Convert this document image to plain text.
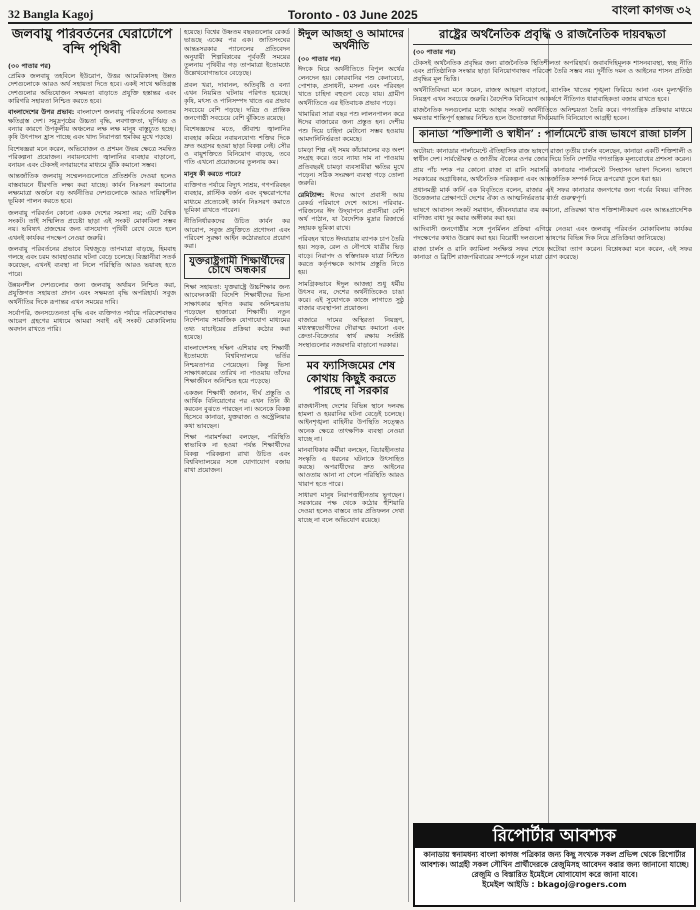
32 Bangla Kagoj	Toronto - 03 June 2025	বাংলা কাগজ ৩২
জলবায়ু পরিবর্তনের ঘেরাটোপে বন্দি পৃথিবী
(৩০ পাতার পর)

প্রেমিক জলবায়ু তহবিলে ইউরোপ, উত্তর আমেরিকাসহ উন্নত দেশগুলোকে আরও অর্থ সহায়তা দিতে হবে। একই সাথে ক্ষতিগ্রস্ত দেশগুলোর অভিযোজন সক্ষমতা বাড়াতে প্রযুক্তি হস্তান্তর এবং কারিগরি সহায়তা নিশ্চিত করতে হবে।

বাংলাদেশের উপর প্রভাব: বাংলাদেশ জলবায়ু পরিবর্তনের অন্যতম ক্ষতিগ্রস্ত দেশ। সমুদ্রপৃষ্ঠের উচ্চতা বৃদ্ধি, লবণাক্ততা, ঘূর্ণিঝড় ও বন্যার কারণে উপকূলীয় অঞ্চলের লক্ষ লক্ষ মানুষ বাস্তুচ্যুত হচ্ছে। কৃষি উৎপাদন হ্রাস পাচ্ছে এবং খাদ্য নিরাপত্তা হুমকির মুখে পড়ছে।

বিশেষজ্ঞরা মনে করেন, অভিযোজন ও প্রশমন উভয় ক্ষেত্রে সমন্বিত পরিকল্পনা প্রয়োজন। নবায়নযোগ্য জ্বালানির ব্যবহার বাড়ানো, বনায়ন এবং টেকসই নগরায়ণের মাধ্যমে ঝুঁকি কমানো সম্ভব।

আন্তর্জাতিক জলবায়ু সম্মেলনগুলোতে প্রতিশ্রুতি দেওয়া হলেও বাস্তবায়নে ধীরগতি লক্ষ্য করা যাচ্ছে। কার্বন নিঃসরণ কমানোর লক্ষ্যমাত্রা অর্জনে বড় অর্থনীতির দেশগুলোকে আরও দায়িত্বশীল ভূমিকা পালন করতে হবে।

জলবায়ু পরিবর্তন কোনো একক দেশের সমস্যা নয়; এটি বৈশ্বিক সংকট। তাই সম্মিলিত প্রচেষ্টা ছাড়া এই সংকট মোকাবিলা সম্ভব নয়। ভবিষ্যৎ প্রজন্মের জন্য বাসযোগ্য পৃথিবী রেখে যেতে হলে এখনই কার্যকর পদক্ষেপ নেওয়া জরুরি।

জলবায়ু পরিবর্তনের প্রভাবে বিশ্বজুড়ে তাপমাত্রা বাড়ছে, হিমবাহ গলছে এবং চরম আবহাওয়ার ঘটনা বেড়ে চলেছে। বিজ্ঞানীরা সতর্ক করেছেন, এখনই ব্যবস্থা না নিলে পরিস্থিতি আরও ভয়াবহ হতে পারে।

উন্নয়নশীল দেশগুলোর জন্য জলবায়ু অর্থায়ন নিশ্চিত করা, প্রযুক্তিগত সহায়তা প্রদান এবং সক্ষমতা বৃদ্ধি অপরিহার্য। সবুজ অর্থনীতির দিকে রূপান্তর এখন সময়ের দাবি।

সর্বোপরি, জনসচেতনতা বৃদ্ধি এবং ব্যক্তিগত পর্যায়ে পরিবেশবান্ধব আচরণ গ্রহণের মাধ্যমে আমরা সবাই এই সংকট মোকাবিলায় অবদান রাখতে পারি।

হয়েছে। বিশ্বের উষ্ণতম বছরগুলোর রেকর্ড ভাঙছে একের পর এক। জাতিসংঘের আন্তঃসরকার প্যানেলের প্রতিবেদন অনুযায়ী শিল্পবিপ্লবের পূর্ববর্তী সময়ের তুলনায় পৃথিবীর গড় তাপমাত্রা ইতোমধ্যে উল্লেখযোগ্যভাবে বেড়েছে।

প্রবল খরা, দাবানল, অতিবৃষ্টি ও বন্যা এখন নিয়মিত ঘটনায় পরিণত হয়েছে। কৃষি, মৎস্য ও পানিসম্পদ খাতে এর প্রভাব সবচেয়ে বেশি পড়ছে। দরিদ্র ও প্রান্তিক জনগোষ্ঠী সবচেয়ে বেশি ঝুঁকিতে রয়েছে।

বিশেষজ্ঞদের মতে, জীবাশ্ম জ্বালানির ব্যবহার কমিয়ে নবায়নযোগ্য শক্তির দিকে দ্রুত অগ্রসর হওয়া ছাড়া বিকল্প নেই। সৌর ও বায়ুশক্তিতে বিনিয়োগ বাড়ছে, তবে গতি এখনো প্রয়োজনের তুলনায় কম।

মানুষ কী করতে পারে?

ব্যক্তিগত পর্যায়ে বিদ্যুৎ সাশ্রয়, গণপরিবহন ব্যবহার, প্লাস্টিক বর্জন এবং বৃক্ষরোপণের মাধ্যমে প্রত্যেকেই কার্বন নিঃসরণ কমাতে ভূমিকা রাখতে পারেন।

নীতিনির্ধারকদের উচিত কার্বন কর আরোপ, সবুজ প্রযুক্তিতে প্রণোদনা এবং পরিবেশ সুরক্ষা আইন কঠোরভাবে প্রয়োগ করা।

যুক্তরাষ্ট্রগামী শিক্ষার্থীদের চোখে অন্ধকার

শিক্ষা সহায়তা: যুক্তরাষ্ট্রে উচ্চশিক্ষার জন্য আবেদনকারী বিদেশি শিক্ষার্থীদের ভিসা সাক্ষাৎকার স্থগিত করায় অনিশ্চয়তায় পড়েছেন হাজারো শিক্ষার্থী। নতুন নির্দেশনায় সামাজিক যোগাযোগ মাধ্যমের তথ্য যাচাইয়ের প্রক্রিয়া কঠোর করা হয়েছে।

বাংলাদেশসহ দক্ষিণ এশিয়ার বহু শিক্ষার্থী ইতোমধ্যে বিশ্ববিদ্যালয়ে ভর্তির নিশ্চয়তাপত্র পেয়েছেন। কিন্তু ভিসা সাক্ষাৎকারের তারিখ না পাওয়ায় তাঁদের শিক্ষাজীবন অনিশ্চিত হয়ে পড়েছে।

একজন শিক্ষার্থী জানান, দীর্ঘ প্রস্তুতি ও আর্থিক বিনিয়োগের পর এখন তিনি কী করবেন বুঝতে পারছেন না। অনেকে বিকল্প হিসেবে কানাডা, যুক্তরাজ্য ও অস্ট্রেলিয়ার কথা ভাবছেন।

শিক্ষা পরামর্শকরা বলছেন, পরিস্থিতি স্বাভাবিক না হওয়া পর্যন্ত শিক্ষার্থীদের বিকল্প পরিকল্পনা রাখা উচিত এবং বিশ্ববিদ্যালয়ের সঙ্গে যোগাযোগ বজায় রাখা প্রয়োজন।

ঈদুল আজহা ও আমাদের অর্থনীতি
(৩০ পাতার পর)

ঈদকে ঘিরে অর্থনীতিতে বিপুল অর্থের লেনদেন হয়। কোরবানির পশু কেনাবেচা, পোশাক, প্রসাধনী, মসলা এবং পরিবহন খাতে চাহিদা বহুগুণ বেড়ে যায়। গ্রামীণ অর্থনীতিতে এর ইতিবাচক প্রভাব পড়ে।

খামারিরা সারা বছর পশু লালনপালন করে ঈদের বাজারের জন্য প্রস্তুত হন। দেশীয় পশু দিয়ে চাহিদা মেটানো সম্ভব হওয়ায় আমদানিনির্ভরতা কমেছে।

চামড়া শিল্প এই সময় কাঁচামালের বড় অংশ সংগ্রহ করে। তবে ন্যায্য দাম না পাওয়ায় প্রতিবছরই চামড়া ব্যবসায়ীরা ক্ষতির মুখে পড়েন। সঠিক সংরক্ষণ ব্যবস্থা গড়ে তোলা জরুরি।

রেমিট্যান্স: ঈদের আগে প্রবাসী আয় রেকর্ড পরিমাণে দেশে আসে। পরিবার-পরিজনের ঈদ উদ্‌যাপনে প্রবাসীরা বেশি অর্থ পাঠান, যা বৈদেশিক মুদ্রার রিজার্ভে সহায়ক ভূমিকা রাখে।

পরিবহন খাতে ঈদযাত্রায় ব্যাপক চাপ তৈরি হয়। সড়ক, রেল ও নৌপথে যাত্রীর ভিড় বাড়ে। নিরাপদ ও স্বস্তিদায়ক যাত্রা নিশ্চিত করতে কর্তৃপক্ষকে আগাম প্রস্তুতি নিতে হয়।

সামগ্রিকভাবে ঈদুল আজহা শুধু ধর্মীয় উৎসব নয়, দেশের অর্থনীতিকেও চাঙা করে। এই সুযোগকে কাজে লাগাতে সুষ্ঠু বাজার ব্যবস্থাপনা প্রয়োজন।

বাজারে দামের অস্থিরতা নিয়ন্ত্রণ, মধ্যস্বত্বভোগীদের দৌরাত্ম্য কমানো এবং ক্রেতা-বিক্রেতার স্বার্থ রক্ষায় সংশ্লিষ্ট সংস্থাগুলোর নজরদারি বাড়ানো দরকার।

মব ফ্যাসিজমের শেষ কোথায় কিছুই করতে পারছে না সরকার

রাজধানীসহ দেশের বিভিন্ন স্থানে দলবদ্ধ হামলা ও হয়রানির ঘটনা বেড়েই চলেছে। আইনশৃঙ্খলা বাহিনীর উপস্থিতি সত্ত্বেও অনেক ক্ষেত্রে তাৎক্ষণিক ব্যবস্থা নেওয়া যাচ্ছে না।

মানবাধিকার কর্মীরা বলছেন, বিচারহীনতার সংস্কৃতি এ ধরনের ঘটনাকে উৎসাহিত করছে। অপরাধীদের দ্রুত আইনের আওতায় আনা না গেলে পরিস্থিতি আরও খারাপ হতে পারে।

সাধারণ মানুষ নিরাপত্তাহীনতায় ভুগছেন। সরকারের পক্ষ থেকে কঠোর হুঁশিয়ারি দেওয়া হলেও বাস্তবে তার প্রতিফলন দেখা যাচ্ছে না বলে অভিযোগ রয়েছে।

রাষ্ট্রের অর্থনৈতিক প্রবৃদ্ধি ও রাজনৈতিক দায়বদ্ধতা
(৩০ পাতার পর)

টেকসই অর্থনৈতিক প্রবৃদ্ধির জন্য রাজনৈতিক স্থিতিশীলতা অপরিহার্য। জবাবদিহিমূলক শাসনব্যবস্থা, স্বচ্ছ নীতি এবং প্রাতিষ্ঠানিক সংস্কার ছাড়া বিনিয়োগবান্ধব পরিবেশ তৈরি সম্ভব নয়। দুর্নীতি দমন ও আইনের শাসন প্রতিষ্ঠা প্রবৃদ্ধির মূল ভিত্তি।

অর্থনীতিবিদরা মনে করেন, রাজস্ব আহরণ বাড়ানো, ব্যাংকিং খাতের শৃঙ্খলা ফিরিয়ে আনা এবং মূল্যস্ফীতি নিয়ন্ত্রণ এখন সবচেয়ে জরুরি। বৈদেশিক বিনিয়োগ আকর্ষণে নীতিগত ধারাবাহিকতা বজায় রাখতে হবে।

রাজনৈতিক দলগুলোর মধ্যে আস্থার সংকট অর্থনীতিতে অনিশ্চয়তা তৈরি করে। গণতান্ত্রিক প্রক্রিয়ার মাধ্যমে ক্ষমতার শান্তিপূর্ণ হস্তান্তর নিশ্চিত হলে উদ্যোক্তারা দীর্ঘমেয়াদি বিনিয়োগে আগ্রহী হবেন।

কানাডা ‘শক্তিশালী ও স্বাধীন’ : পার্লামেন্টে রাজ ভাষণে রাজা চার্লস

অটোয়া: কানাডার পার্লামেন্টে ঐতিহাসিক রাজ ভাষণে রাজা তৃতীয় চার্লস বলেছেন, কানাডা একটি শক্তিশালী ও স্বাধীন দেশ। সার্বভৌমত্ব ও জাতীয় ঐক্যের ওপর জোর দিয়ে তিনি দেশটির গণতান্ত্রিক মূল্যবোধের প্রশংসা করেন।

প্রায় পাঁচ দশক পর কোনো রাজা বা রানি সরাসরি কানাডার পার্লামেন্টে সিংহাসন ভাষণ দিলেন। ভাষণে সরকারের অগ্রাধিকার, অর্থনৈতিক পরিকল্পনা এবং আন্তর্জাতিক সম্পর্ক নিয়ে রূপরেখা তুলে ধরা হয়।

প্রধানমন্ত্রী মার্ক কার্নি এক বিবৃতিতে বলেন, রাজার এই সফর কানাডার জনগণের জন্য গর্বের বিষয়। বাণিজ্য উত্তেজনার প্রেক্ষাপটে দেশের ঐক্য ও আত্মনির্ভরতার বার্তা গুরুত্বপূর্ণ।

ভাষণে আবাসন সংকট সমাধান, জীবনযাত্রার ব্যয় কমানো, প্রতিরক্ষা খাত শক্তিশালীকরণ এবং আন্তঃপ্রাদেশিক বাণিজ্য বাধা দূর করার অঙ্গীকার করা হয়।

আদিবাসী জনগোষ্ঠীর সঙ্গে পুনর্মিলন প্রক্রিয়া এগিয়ে নেওয়া এবং জলবায়ু পরিবর্তন মোকাবিলায় কার্যকর পদক্ষেপের কথাও উল্লেখ করা হয়। বিরোধী দলগুলো ভাষণের বিভিন্ন দিক নিয়ে প্রতিক্রিয়া জানিয়েছে।

রাজা চার্লস ও রানি ক্যামিলা সংক্ষিপ্ত সফর শেষে অটোয়া ত্যাগ করেন। বিশ্লেষকরা মনে করেন, এই সফর কানাডা ও ব্রিটিশ রাজপরিবারের সম্পর্কে নতুন মাত্রা যোগ করেছে।

রিপোর্টার আবশ্যক
কানাডায় স্বনামধন্য বাংলা কাগজ পত্রিকার জন্য কিছু সংখ্যক সকল প্রভিন্স থেকে রিপোর্টার আবশ্যক। আগ্রহী সকল সৌখিন প্রার্থীদেরকে রেজুমিসহ আবেদন করার জন্য জানানো যাচ্ছে।
রেজুমি ও বিস্তারিত ইমেইলে যোগাযোগ করে জানা যাবে।
ইমেইল আইডি : bkagoj@rogers.com
